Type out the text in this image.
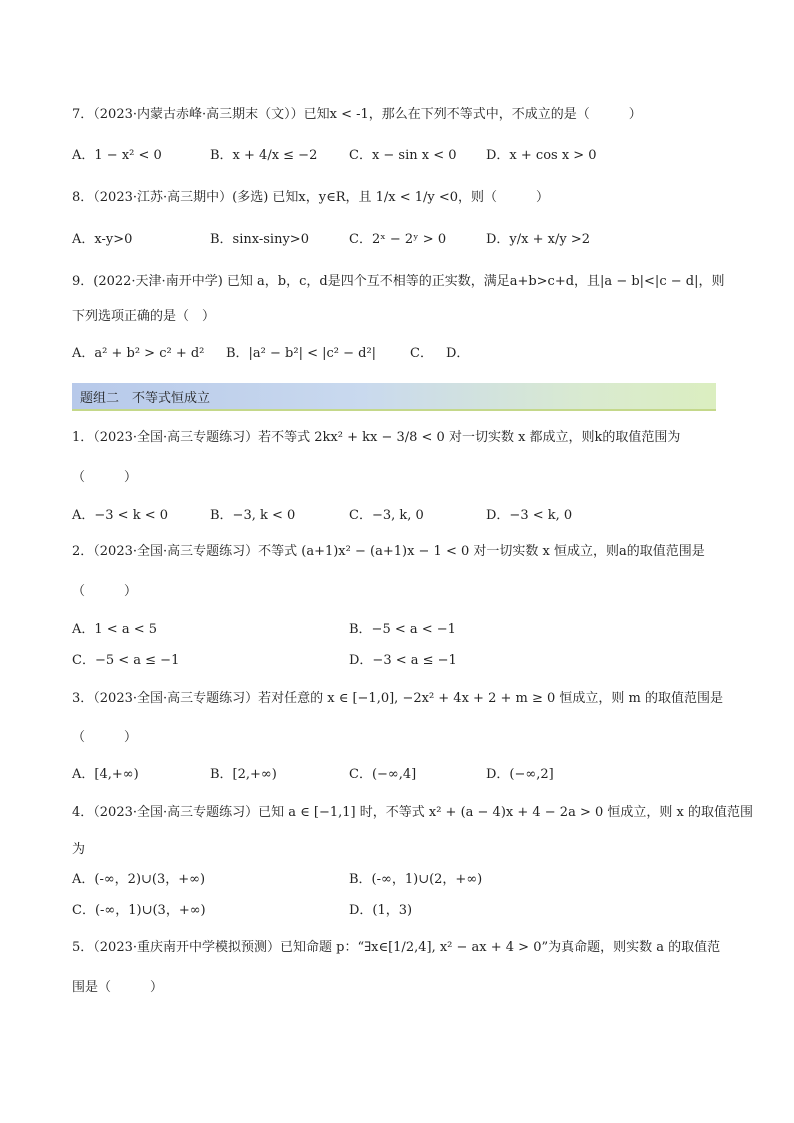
7．（2023·内蒙古赤峰·高三期末（文））已知x < -1，那么在下列不等式中，不成立的是（　　　）
A．1 − x² < 0	B．x + 4/x ≤ −2 C．x − sin x < 0 D．x + cos x > 0
8．（2023·江苏·高三期中）(多选) 已知x，y∈R，且 1/x < 1/y <0，则（　　　）
A．x-y>0	B．sinx-siny>0	C．2ˣ − 2ʸ > 0	D．y/x + x/y >2
9．(2022·天津·南开中学) 已知 a，b，c，d是四个互不相等的正实数，满足a+b>c+d，且|a − b|<|c − d|，则
下列选项正确的是（　）
A．a² + b² > c² + d² B．|a² − b²| < |c² − d²|	C． D．
题组二　不等式恒成立
1．（2023·全国·高三专题练习）若不等式 2kx² + kx − 3/8 < 0 对一切实数 x 都成立，则k的取值范围为
（　　　）
A．−3 < k < 0	B．−3, k < 0	C．−3, k, 0	D．−3 < k, 0
2．（2023·全国·高三专题练习）不等式 (a+1)x² − (a+1)x − 1 < 0 对一切实数 x 恒成立，则a的取值范围是
（　　　）
A．1 < a < 5	B．−5 < a < −1
C．−5 < a ≤ −1	D．−3 < a ≤ −1
3．（2023·全国·高三专题练习）若对任意的 x ∈ [−1,0], −2x² + 4x + 2 + m ≥ 0 恒成立，则 m 的取值范围是
（　　　）
A．[4,+∞)	B．[2,+∞)	C．(−∞,4]	D．(−∞,2]
4．（2023·全国·高三专题练习）已知 a ∈ [−1,1] 时，不等式 x² + (a − 4)x + 4 − 2a > 0 恒成立，则 x 的取值范围
为
A．(-∞，2)∪(3，+∞)	B．(-∞，1)∪(2，+∞)
C．(-∞，1)∪(3，+∞)	D．(1，3)
5．（2023·重庆南开中学模拟预测）已知命题 p：“∃x∈[1/2,4], x² − ax + 4 > 0”为真命题，则实数 a 的取值范
围是（　　　）
